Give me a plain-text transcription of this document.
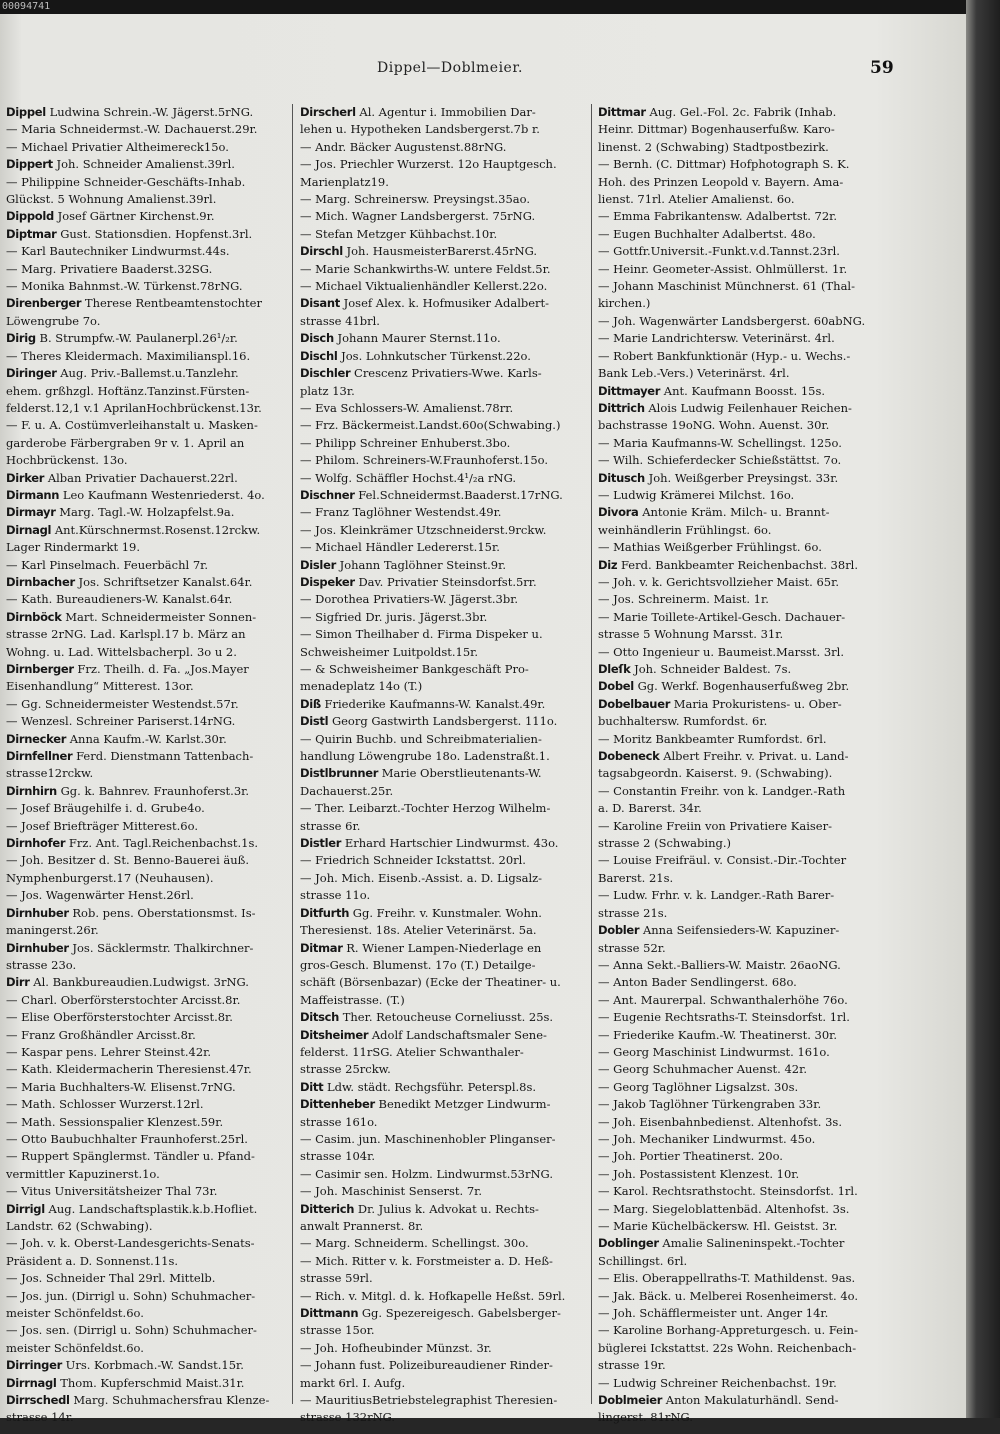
00094741
Dippel—Doblmeier.	59
Dippel Ludwina Schrein.-W. Jägerst.5rNG.
— Maria Schneidermst.-W. Dachauerst.29r.
— Michael Privatier Altheimereck15o.
Dippert Joh. Schneider Amalienst.39rl.
— Philippine Schneider-Geschäfts-Inhab.
Glückst. 5 Wohnung Amalienst.39rl.
Dippold Josef Gärtner Kirchenst.9r.
Diptmar Gust. Stationsdien. Hopfenst.3rl.
— Karl Bautechniker Lindwurmst.44s.
— Marg. Privatiere Baaderst.32SG.
— Monika Bahnmst.-W. Türkenst.78rNG.
Direnberger Therese Rentbeamtenstochter
Löwengrube 7o.
Dirig B. Strumpfw.-W. Paulanerpl.26¹/₂r.
— Theres Kleidermach. Maximilianspl.16.
Diringer Aug. Priv.-Ballemst.u.Tanzlehr.
ehem. grßhzgl. Hoftänz.Tanzinst.Fürsten-
felderst.12,1 v.1 AprilanHochbrückenst.13r.
— F. u. A. Costümverleihanstalt u. Masken-
garderobe Färbergraben 9r v. 1. April an
Hochbrückenst. 13o.
Dirker Alban Privatier Dachauerst.22rl.
Dirmann Leo Kaufmann Westenriederst. 4o.
Dirmayr Marg. Tagl.-W. Holzapfelst.9a.
Dirnagl Ant.Kürschnermst.Rosenst.12rckw.
Lager Rindermarkt 19.
— Karl Pinselmach. Feuerbächl 7r.
Dirnbacher Jos. Schriftsetzer Kanalst.64r.
— Kath. Bureaudieners-W. Kanalst.64r.
Dirnböck Mart. Schneidermeister Sonnen-
strasse 2rNG. Lad. Karlspl.17 b. März an
Wohng. u. Lad. Wittelsbacherpl. 3o u 2.
Dirnberger Frz. Theilh. d. Fa. „Jos.Mayer
Eisenhandlung“ Mitterest. 13or.
— Gg. Schneidermeister Westendst.57r.
— Wenzesl. Schreiner Pariserst.14rNG.
Dirnecker Anna Kaufm.-W. Karlst.30r.
Dirnfellner Ferd. Dienstmann Tattenbach-
strasse12rckw.
Dirnhirn Gg. k. Bahnrev. Fraunhoferst.3r.
— Josef Bräugehilfe i. d. Grube4o.
— Josef Briefträger Mitterest.6o.
Dirnhofer Frz. Ant. Tagl.Reichenbachst.1s.
— Joh. Besitzer d. St. Benno-Bauerei äuß.
Nymphenburgerst.17 (Neuhausen).
— Jos. Wagenwärter Henst.26rl.
Dirnhuber Rob. pens. Oberstationsmst. Is-
maningerst.26r.
Dirnhuber Jos. Säcklermstr. Thalkirchner-
strasse 23o.
Dirr Al. Bankbureaudien.Ludwigst. 3rNG.
— Charl. Oberförsterstochter Arcisst.8r.
— Elise Oberförsterstochter Arcisst.8r.
— Franz Großhändler Arcisst.8r.
— Kaspar pens. Lehrer Steinst.42r.
— Kath. Kleidermacherin Theresienst.47r.
— Maria Buchhalters-W. Elisenst.7rNG.
— Math. Schlosser Wurzerst.12rl.
— Math. Sessionspalier Klenzest.59r.
— Otto Baubuchhalter Fraunhoferst.25rl.
— Ruppert Spänglermst. Tändler u. Pfand-
vermittler Kapuzinerst.1o.
— Vitus Universitätsheizer Thal 73r.
Dirrigl Aug. Landschaftsplastik.k.b.Hofliet.
Landstr. 62 (Schwabing).
— Joh. v. k. Oberst-Landesgerichts-Senats-
Präsident a. D. Sonnenst.11s.
— Jos. Schneider Thal 29rl. Mittelb.
— Jos. jun. (Dirrigl u. Sohn) Schuhmacher-
meister Schönfeldst.6o.
— Jos. sen. (Dirrigl u. Sohn) Schuhmacher-
meister Schönfeldst.6o.
Dirringer Urs. Korbmach.-W. Sandst.15r.
Dirrnagl Thom. Kupferschmid Maist.31r.
Dirrschedl Marg. Schuhmachersfrau Klenze-
strasse 14r.
Dirscherl Al. Agentur i. Immobilien Dar-
lehen u. Hypotheken Landsbergerst.7b r.
— Andr. Bäcker Augustenst.88rNG.
— Jos. Priechler Wurzerst. 12o Hauptgesch.
Marienplatz19.
— Marg. Schreinersw. Preysingst.35ao.
— Mich. Wagner Landsbergerst. 75rNG.
— Stefan Metzger Kühbachst.10r.
Dirschl Joh. HausmeisterBarerst.45rNG.
— Marie Schankwirths-W. untere Feldst.5r.
— Michael Viktualienhändler Kellerst.22o.
Disant Josef Alex. k. Hofmusiker Adalbert-
strasse 41brl.
Disch Johann Maurer Sternst.11o.
Dischl Jos. Lohnkutscher Türkenst.22o.
Dischler Crescenz Privatiers-Wwe. Karls-
platz 13r.
— Eva Schlossers-W. Amalienst.78rr.
— Frz. Bäckermeist.Landst.60o(Schwabing.)
— Philipp Schreiner Enhuberst.3bo.
— Philom. Schreiners-W.Fraunhoferst.15o.
— Wolfg. Schäffler Hochst.4¹/₂a rNG.
Dischner Fel.Schneidermst.Baaderst.17rNG.
— Franz Taglöhner Westendst.49r.
— Jos. Kleinkrämer Utzschneiderst.9rckw.
— Michael Händler Ledererst.15r.
Disler Johann Taglöhner Steinst.9r.
Dispeker Dav. Privatier Steinsdorfst.5rr.
— Dorothea Privatiers-W. Jägerst.3br.
— Sigfried Dr. juris. Jägerst.3br.
— Simon Theilhaber d. Firma Dispeker u.
Schweisheimer Luitpoldst.15r.
— & Schweisheimer Bankgeschäft Pro-
menadeplatz 14o (T.)
Diß Friederike Kaufmanns-W. Kanalst.49r.
Distl Georg Gastwirth Landsbergerst. 111o.
— Quirin Buchb. und Schreibmaterialien-
handlung Löwengrube 18o. Ladenstraßt.1.
Distlbrunner Marie Oberstlieutenants-W.
Dachauerst.25r.
— Ther. Leibarzt.-Tochter Herzog Wilhelm-
strasse 6r.
Distler Erhard Hartschier Lindwurmst. 43o.
— Friedrich Schneider Ickstattst. 20rl.
— Joh. Mich. Eisenb.-Assist. a. D. Ligsalz-
strasse 11o.
Ditfurth Gg. Freihr. v. Kunstmaler. Wohn.
Theresienst. 18s. Atelier Veterinärst. 5a.
Ditmar R. Wiener Lampen-Niederlage en
gros-Gesch. Blumenst. 17o (T.) Detailge-
schäft (Börsenbazar) (Ecke der Theatiner- u.
Maffeistrasse. (T.)
Ditsch Ther. Retoucheuse Corneliusst. 25s.
Ditsheimer Adolf Landschaftsmaler Sene-
felderst. 11rSG. Atelier Schwanthaler-
strasse 25rckw.
Ditt Ldw. städt. Rechgsführ. Peterspl.8s.
Dittenheber Benedikt Metzger Lindwurm-
strasse 161o.
— Casim. jun. Maschinenhobler Plinganser-
strasse 104r.
— Casimir sen. Holzm. Lindwurmst.53rNG.
— Joh. Maschinist Senserst. 7r.
Ditterich Dr. Julius k. Advokat u. Rechts-
anwalt Prannerst. 8r.
— Marg. Schneiderm. Schellingst. 30o.
— Mich. Ritter v. k. Forstmeister a. D. Heß-
strasse 59rl.
— Rich. v. Mitgl. d. k. Hofkapelle Heßst. 59rl.
Dittmann Gg. Spezereigesch. Gabelsberger-
strasse 15or.
— Joh. Hofheubinder Münzst. 3r.
— Johann fust. Polizeibureaudiener Rinder-
markt 6rl. I. Aufg.
— MauritiusBetriebstelegraphist Theresien-
strasse 132rNG.
Dittmar Aug. Gel.-Fol. 2c. Fabrik (Inhab.
Heinr. Dittmar) Bogenhauserfußw. Karo-
linenst. 2 (Schwabing) Stadtpostbezirk.
— Bernh. (C. Dittmar) Hofphotograph S. K.
Hoh. des Prinzen Leopold v. Bayern. Ama-
lienst. 71rl. Atelier Amalienst. 6o.
— Emma Fabrikantensw. Adalbertst. 72r.
— Eugen Buchhalter Adalbertst. 48o.
— Gottfr.Universit.-Funkt.v.d.Tannst.23rl.
— Heinr. Geometer-Assist. Ohlmüllerst. 1r.
— Johann Maschinist Münchnerst. 61 (Thal-
kirchen.)
— Joh. Wagenwärter Landsbergerst. 60abNG.
— Marie Landrichtersw. Veterinärst. 4rl.
— Robert Bankfunktionär (Hyp.- u. Wechs.-
Bank Leb.-Vers.) Veterinärst. 4rl.
Dittmayer Ant. Kaufmann Boosst. 15s.
Dittrich Alois Ludwig Feilenhauer Reichen-
bachstrasse 19oNG. Wohn. Auenst. 30r.
— Maria Kaufmanns-W. Schellingst. 125o.
— Wilh. Schieferdecker Schießstättst. 7o.
Ditusch Joh. Weißgerber Preysingst. 33r.
— Ludwig Krämerei Milchst. 16o.
Divora Antonie Kräm. Milch- u. Brannt-
weinhändlerin Frühlingst. 6o.
— Mathias Weißgerber Frühlingst. 6o.
Diz Ferd. Bankbeamter Reichenbachst. 38rl.
— Joh. v. k. Gerichtsvollzieher Maist. 65r.
— Jos. Schreinerm. Maist. 1r.
— Marie Toillete-Artikel-Gesch. Dachauer-
strasse 5 Wohnung Marsst. 31r.
— Otto Ingenieur u. Baumeist.Marsst. 3rl.
Dleſk Joh. Schneider Baldest. 7s.
Dobel Gg. Werkf. Bogenhauserfußweg 2br.
Dobelbauer Maria Prokuristens- u. Ober-
buchhaltersw. Rumfordst. 6r.
— Moritz Bankbeamter Rumfordst. 6rl.
Dobeneck Albert Freihr. v. Privat. u. Land-
tagsabgeordn. Kaiserst. 9. (Schwabing).
— Constantin Freihr. von k. Landger.-Rath
a. D. Barerst. 34r.
— Karoline Freiin von Privatiere Kaiser-
strasse 2 (Schwabing.)
— Louise Freifräul. v. Consist.-Dir.-Tochter
Barerst. 21s.
— Ludw. Frhr. v. k. Landger.-Rath Barer-
strasse 21s.
Dobler Anna Seifensieders-W. Kapuziner-
strasse 52r.
— Anna Sekt.-Balliers-W. Maistr. 26aoNG.
— Anton Bader Sendlingerst. 68o.
— Ant. Maurerpal. Schwanthalerhöhe 76o.
— Eugenie Rechtsraths-T. Steinsdorfst. 1rl.
— Friederike Kaufm.-W. Theatinerst. 30r.
— Georg Maschinist Lindwurmst. 161o.
— Georg Schuhmacher Auenst. 42r.
— Georg Taglöhner Ligsalzst. 30s.
— Jakob Taglöhner Türkengraben 33r.
— Joh. Eisenbahnbedienst. Altenhofst. 3s.
— Joh. Mechaniker Lindwurmst. 45o.
— Joh. Portier Theatinerst. 20o.
— Joh. Postassistent Klenzest. 10r.
— Karol. Rechtsrathstocht. Steinsdorfst. 1rl.
— Marg. Siegeloblattenbäd. Altenhofst. 3s.
— Marie Küchelbäckersw. Hl. Geistst. 3r.
Doblinger Amalie Salineninspekt.-Tochter
Schillingst. 6rl.
— Elis. Oberappellraths-T. Mathildenst. 9as.
— Jak. Bäck. u. Melberei Rosenheimerst. 4o.
— Joh. Schäfflermeister unt. Anger 14r.
— Karoline Borhang-Appreturgesch. u. Fein-
büglerei Ickstattst. 22s Wohn. Reichenbach-
strasse 19r.
— Ludwig Schreiner Reichenbachst. 19r.
Doblmeier Anton Makulaturhändl. Send-
lingerst. 81rNG.
